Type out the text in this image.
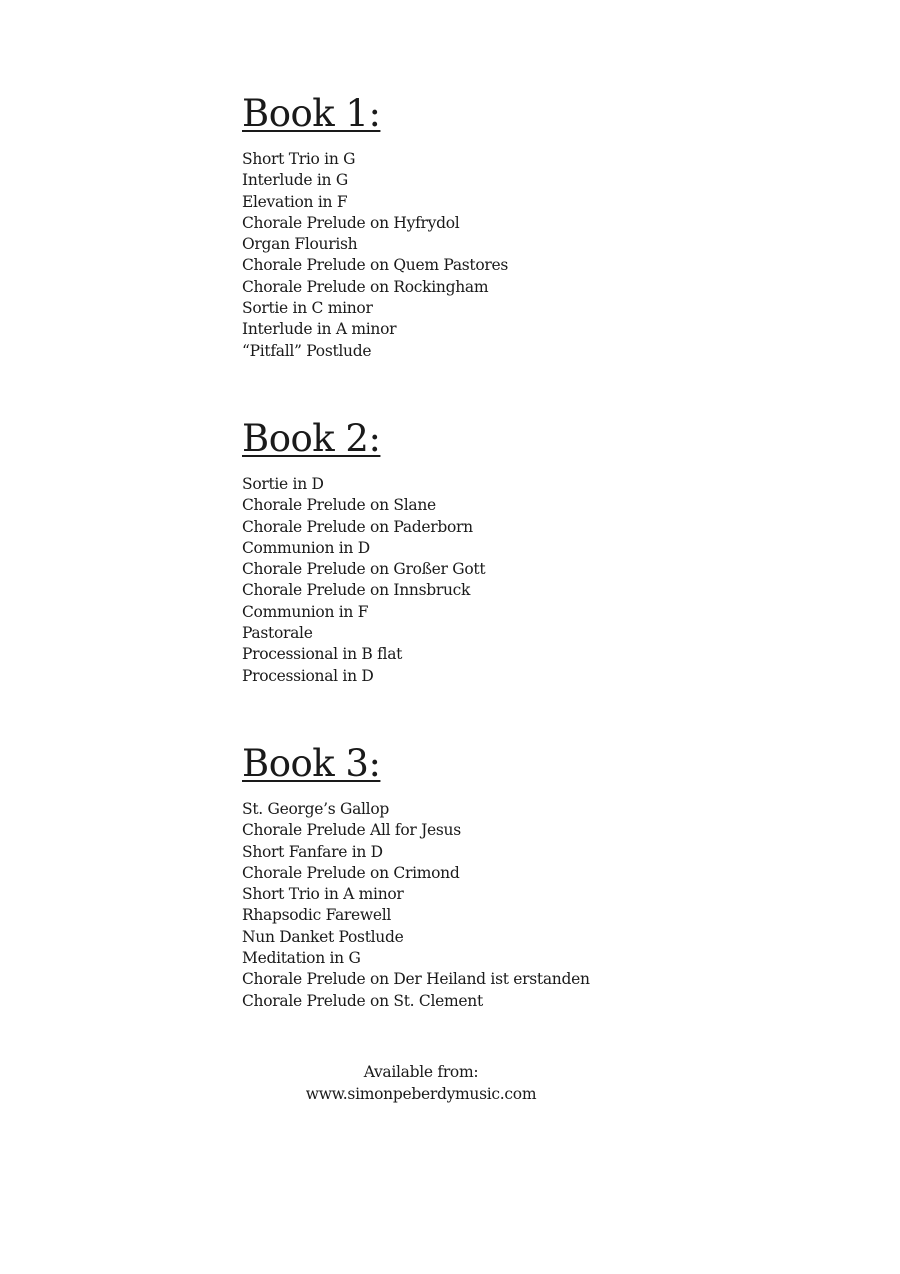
Book 1:
Short Trio in G
Interlude in G
Elevation in F
Chorale Prelude on Hyfrydol
Organ Flourish
Chorale Prelude on Quem Pastores
Chorale Prelude on Rockingham
Sortie in C minor
Interlude in A minor
“Pitfall” Postlude
Book 2:
Sortie in D
Chorale Prelude on Slane
Chorale Prelude on Paderborn
Communion in D
Chorale Prelude on Großer Gott
Chorale Prelude on Innsbruck
Communion in F
Pastorale
Processional in B flat
Processional in D
Book 3:
St. George’s Gallop
Chorale Prelude All for Jesus
Short Fanfare in D
Chorale Prelude on Crimond
Short Trio in A minor
Rhapsodic Farewell
Nun Danket Postlude
Meditation in G
Chorale Prelude on Der Heiland ist erstanden
Chorale Prelude on St. Clement
Available from:
www.simonpeberdymusic.com
